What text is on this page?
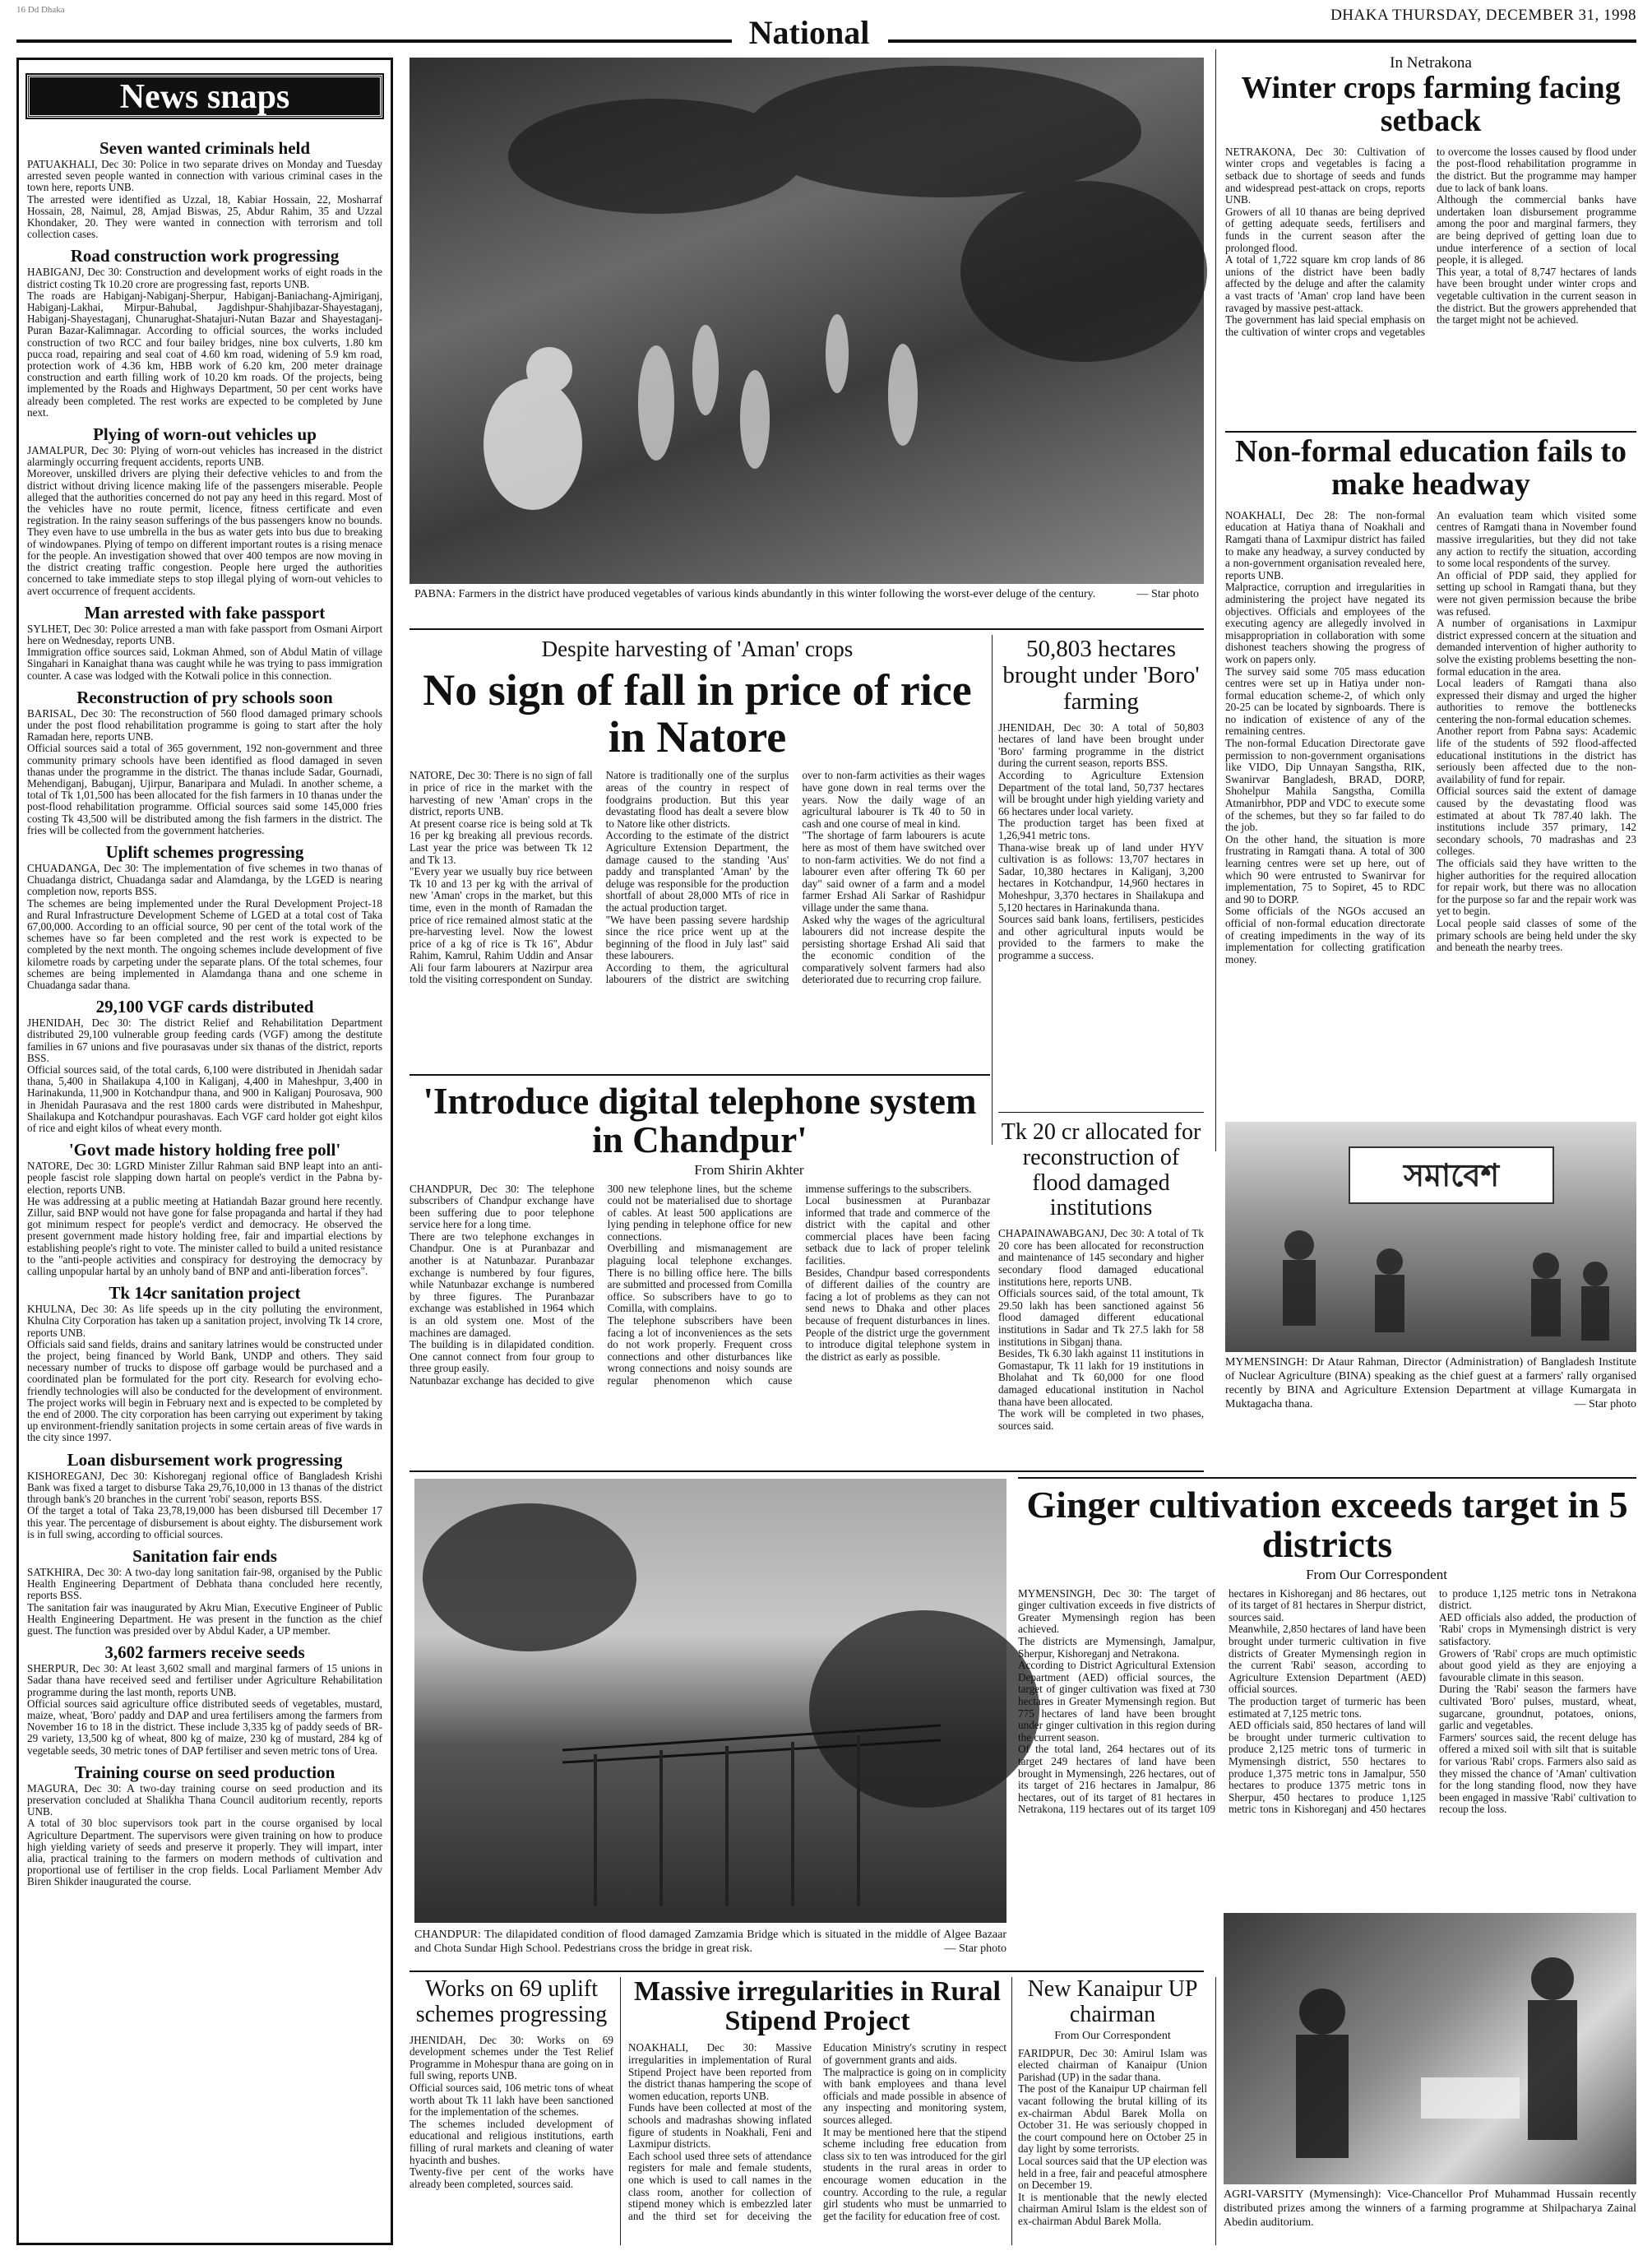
16 Dd Dhaka
National	DHAKA THURSDAY, DECEMBER 31, 1998
News snaps
Seven wanted criminals held

PATUAKHALI, Dec 30: Police in two separate drives on Monday and Tuesday arrested seven people wanted in connection with various criminal cases in the town here, reports UNB.
The arrested were identified as Uzzal, 18, Kabiar Hossain, 22, Mosharraf Hossain, 28, Naimul, 28, Amjad Biswas, 25, Abdur Rahim, 35 and Uzzal Khondaker, 20. They were wanted in connection with terrorism and toll collection cases.

Road construction work progressing

HABIGANJ, Dec 30: Construction and development works of eight roads in the district costing Tk 10.20 crore are progressing fast, reports UNB.
The roads are Habiganj-Nabiganj-Sherpur, Habiganj-Baniachang-Ajmiriganj, Habiganj-Lakhai, Mirpur-Bahubal, Jagdishpur-Shahjibazar-Shayestaganj, Habiganj-Shayestaganj, Chunarughat-Shatajuri-Nutan Bazar and Shayestaganj-Puran Bazar-Kalimnagar. According to official sources, the works included construction of two RCC and four bailey bridges, nine box culverts, 1.80 km pucca road, repairing and seal coat of 4.60 km road, widening of 5.9 km road, protection work of 4.36 km, HBB work of 6.20 km, 200 meter drainage construction and earth filling work of 10.20 km roads. Of the projects, being implemented by the Roads and Highways Department, 50 per cent works have already been completed. The rest works are expected to be completed by June next.

Plying of worn-out vehicles up

JAMALPUR, Dec 30: Plying of worn-out vehicles has increased in the district alarmingly occurring frequent accidents, reports UNB.
Moreover, unskilled drivers are plying their defective vehicles to and from the district without driving licence making life of the passengers miserable. People alleged that the authorities concerned do not pay any heed in this regard. Most of the vehicles have no route permit, licence, fitness certificate and even registration. In the rainy season sufferings of the bus passengers know no bounds. They even have to use umbrella in the bus as water gets into bus due to breaking of windowpanes. Plying of tempo on different important routes is a rising menace for the people. An investigation showed that over 400 tempos are now moving in the district creating traffic congestion. People here urged the authorities concerned to take immediate steps to stop illegal plying of worn-out vehicles to avert occurrence of frequent accidents.

Man arrested with fake passport

SYLHET, Dec 30: Police arrested a man with fake passport from Osmani Airport here on Wednesday, reports UNB.
Immigration office sources said, Lokman Ahmed, son of Abdul Matin of village Singahari in Kanaighat thana was caught while he was trying to pass immigration counter. A case was lodged with the Kotwali police in this connection.

Reconstruction of pry schools soon

BARISAL, Dec 30: The reconstruction of 560 flood damaged primary schools under the post flood rehabilitation programme is going to start after the holy Ramadan here, reports UNB.
Official sources said a total of 365 government, 192 non-government and three community primary schools have been identified as flood damaged in seven thanas under the programme in the district. The thanas include Sadar, Gournadi, Mehendiganj, Babuganj, Ujirpur, Banaripara and Muladi. In another scheme, a total of Tk 1,01,500 has been allocated for the fish farmers in 10 thanas under the post-flood rehabilitation programme. Official sources said some 145,000 fries costing Tk 43,500 will be distributed among the fish farmers in the district. The fries will be collected from the government hatcheries.

Uplift schemes progressing

CHUADANGA, Dec 30: The implementation of five schemes in two thanas of Chuadanga district, Chuadanga sadar and Alamdanga, by the LGED is nearing completion now, reports BSS.
The schemes are being implemented under the Rural Development Project-18 and Rural Infrastructure Development Scheme of LGED at a total cost of Taka 67,00,000. According to an official source, 90 per cent of the total work of the schemes have so far been completed and the rest work is expected to be completed by the next month. The ongoing schemes include development of five kilometre roads by carpeting under the separate plans. Of the total schemes, four schemes are being implemented in Alamdanga thana and one scheme in Chuadanga sadar thana.

29,100 VGF cards distributed

JHENIDAH, Dec 30: The district Relief and Rehabilitation Department distributed 29,100 vulnerable group feeding cards (VGF) among the destitute families in 67 unions and five pourasavas under six thanas of the district, reports BSS.
Official sources said, of the total cards, 6,100 were distributed in Jhenidah sadar thana, 5,400 in Shailakupa 4,100 in Kaliganj, 4,400 in Maheshpur, 3,400 in Harinakunda, 11,900 in Kotchandpur thana, and 900 in Kaliganj Pourosava, 900 in Jhenidah Paurasava and the rest 1800 cards were distributed in Maheshpur, Shailakupa and Kotchandpur pourashavas. Each VGF card holder got eight kilos of rice and eight kilos of wheat every month.

'Govt made history holding free poll'

NATORE, Dec 30: LGRD Minister Zillur Rahman said BNP leapt into an anti-people fascist role slapping down hartal on people's verdict in the Pabna by-election, reports UNB.
He was addressing at a public meeting at Hatiandah Bazar ground here recently. Zillur, said BNP would not have gone for false propaganda and hartal if they had got minimum respect for people's verdict and democracy. He observed the present government made history holding free, fair and impartial elections by establishing people's right to vote. The minister called to build a united resistance to the "anti-people activities and conspiracy for destroying the democracy by calling unpopular hartal by an unholy band of BNP and anti-liberation forces".

Tk 14cr sanitation project

KHULNA, Dec 30: As life speeds up in the city polluting the environment, Khulna City Corporation has taken up a sanitation project, involving Tk 14 crore, reports UNB.
Officials said sand fields, drains and sanitary latrines would be constructed under the project, being financed by World Bank, UNDP and others. They said necessary number of trucks to dispose off garbage would be purchased and a coordinated plan be formulated for the port city. Research for evolving echo-friendly technologies will also be conducted for the development of environment. The project works will begin in February next and is expected to be completed by the end of 2000. The city corporation has been carrying out experiment by taking up environment-friendly sanitation projects in some certain areas of five wards in the city since 1997.

Loan disbursement work progressing

KISHOREGANJ, Dec 30: Kishoreganj regional office of Bangladesh Krishi Bank was fixed a target to disburse Taka 29,76,10,000 in 13 thanas of the district through bank's 20 branches in the current 'robi' season, reports BSS.
Of the target a total of Taka 23,78,19,000 has been disbursed till December 17 this year. The percentage of disbursement is about eighty. The disbursement work is in full swing, according to official sources.

Sanitation fair ends

SATKHIRA, Dec 30: A two-day long sanitation fair-98, organised by the Public Health Engineering Department of Debhata thana concluded here recently, reports BSS.
The sanitation fair was inaugurated by Akru Mian, Executive Engineer of Public Health Engineering Department. He was present in the function as the chief guest. The function was presided over by Abdul Kader, a UP member.

3,602 farmers receive seeds

SHERPUR, Dec 30: At least 3,602 small and marginal farmers of 15 unions in Sadar thana have received seed and fertiliser under Agriculture Rehabilitation programme during the last month, reports UNB.
Official sources said agriculture office distributed seeds of vegetables, mustard, maize, wheat, 'Boro' paddy and DAP and urea fertilisers among the farmers from November 16 to 18 in the district. These include 3,335 kg of paddy seeds of BR-29 variety, 13,500 kg of wheat, 800 kg of maize, 230 kg of mustard, 284 kg of vegetable seeds, 30 metric tones of DAP fertiliser and seven metric tons of Urea.

Training course on seed production

MAGURA, Dec 30: A two-day training course on seed production and its preservation concluded at Shalikha Thana Council auditorium recently, reports UNB.
A total of 30 bloc supervisors took part in the course organised by local Agriculture Department. The supervisors were given training on how to produce high yielding variety of seeds and preserve it properly. They will impart, inter alia, practical training to the farmers on modern methods of cultivation and proportional use of fertiliser in the crop fields. Local Parliament Member Adv Biren Shikder inaugurated the course.

PABNA: Farmers in the district have produced vegetables of various kinds abundantly in this winter following the worst-ever deluge of the century.	— Star photo

Despite harvesting of 'Aman' crops

No sign of fall in price of rice in Natore

NATORE, Dec 30: There is no sign of fall in price of rice in the market with the harvesting of new 'Aman' crops in the district, reports UNB.
At present coarse rice is being sold at Tk 16 per kg breaking all previous records. Last year the price was between Tk 12 and Tk 13.
"Every year we usually buy rice between Tk 10 and 13 per kg with the arrival of new 'Aman' crops in the market, but this time, even in the month of Ramadan the price of rice remained almost static at the pre-harvesting level. Now the lowest price of a kg of rice is Tk 16", Abdur Rahim, Kamrul, Rahim Uddin and Ansar Ali four farm labourers at Nazirpur area told the visiting correspondent on Sunday.
Natore is traditionally one of the surplus areas of the country in respect of foodgrains production. But this year devastating flood has dealt a severe blow to Natore like other districts.
According to the estimate of the district Agriculture Extension Department, the damage caused to the standing 'Aus' paddy and transplanted 'Aman' by the deluge was responsible for the production shortfall of about 28,000 MTs of rice in the actual production target.
"We have been passing severe hardship since the rice price went up at the beginning of the flood in July last" said these labourers.
According to them, the agricultural labourers of the district are switching over to non-farm activities as their wages have gone down in real terms over the years. Now the daily wage of an agricultural labourer is Tk 40 to 50 in cash and one course of meal in kind.
"The shortage of farm labourers is acute here as most of them have switched over to non-farm activities. We do not find a labourer even after offering Tk 60 per day" said owner of a farm and a model farmer Ershad Ali Sarkar of Rashidpur village under the same thana.
Asked why the wages of the agricultural labourers did not increase despite the persisting shortage Ershad Ali said that the economic condition of the comparatively solvent farmers had also deteriorated due to recurring crop failure.

50,803 hectares brought under 'Boro' farming

JHENIDAH, Dec 30: A total of 50,803 hectares of land have been brought under 'Boro' farming programme in the district during the current season, reports BSS.
According to Agriculture Extension Department of the total land, 50,737 hectares will be brought under high yielding variety and 66 hectares under local variety.
The production target has been fixed at 1,26,941 metric tons.
Thana-wise break up of land under HYV cultivation is as follows: 13,707 hectares in Sadar, 10,380 hectares in Kaliganj, 3,200 hectares in Kotchandpur, 14,960 hectares in Moheshpur, 3,370 hectares in Shailakupa and 5,120 hectares in Harinakunda thana.
Sources said bank loans, fertilisers, pesticides and other agricultural inputs would be provided to the farmers to make the programme a success.

Tk 20 cr allocated for reconstruction of flood damaged institutions

CHAPAINAWABGANJ, Dec 30: A total of Tk 20 core has been allocated for reconstruction and maintenance of 145 secondary and higher secondary flood damaged educational institutions here, reports UNB.
Officials sources said, of the total amount, Tk 29.50 lakh has been sanctioned against 56 flood damaged different educational institutions in Sadar and Tk 27.5 lakh for 58 institutions in Sibganj thana.
Besides, Tk 6.30 lakh against 11 institutions in Gomastapur, Tk 11 lakh for 19 institutions in Bholahat and Tk 60,000 for one flood damaged educational institution in Nachol thana have been allocated.
The work will be completed in two phases, sources said.

'Introduce digital telephone system in Chandpur'

From Shirin Akhter

CHANDPUR, Dec 30: The telephone subscribers of Chandpur exchange have been suffering due to poor telephone service here for a long time.
There are two telephone exchanges in Chandpur. One is at Puranbazar and another is at Natunbazar. Puranbazar exchange is numbered by four figures, while Natunbazar exchange is numbered by three figures. The Puranbazar exchange was established in 1964 which is an old system one. Most of the machines are damaged.
The building is in dilapidated condition. One cannot connect from four group to three group easily.
Natunbazar exchange has decided to give 300 new telephone lines, but the scheme could not be materialised due to shortage of cables. At least 500 applications are lying pending in telephone office for new connections.
Overbilling and mismanagement are plaguing local telephone exchanges. There is no billing office here. The bills are submitted and processed from Comilla office. So subscribers have to go to Comilla, with complains.
The telephone subscribers have been facing a lot of inconveniences as the sets do not work properly. Frequent cross connections and other disturbances like wrong connections and noisy sounds are regular phenomenon which cause immense sufferings to the subscribers.
Local businessmen at Puranbazar informed that trade and commerce of the district with the capital and other commercial places have been facing setback due to lack of proper telelink facilities.
Besides, Chandpur based correspondents of different dailies of the country are facing a lot of problems as they can not send news to Dhaka and other places because of frequent disturbances in lines. People of the district urge the government to introduce digital telephone system in the district as early as possible.

CHANDPUR: The dilapidated condition of flood damaged Zamzamia Bridge which is situated in the middle of Algee Bazaar and Chota Sundar High School. Pedestrians cross the bridge in great risk.	— Star photo

Works on 69 uplift schemes progressing

JHENIDAH, Dec 30: Works on 69 development schemes under the Test Relief Programme in Mohespur thana are going on in full swing, reports UNB.
Official sources said, 106 metric tons of wheat worth about Tk 11 lakh have been sanctioned for the implementation of the schemes.
The schemes included development of educational and religious institutions, earth filling of rural markets and cleaning of water hyacinth and bushes.
Twenty-five per cent of the works have already been completed, sources said.

Massive irregularities in Rural Stipend Project

NOAKHALI, Dec 30: Massive irregularities in implementation of Rural Stipend Project have been reported from the district thanas hampering the scope of women education, reports UNB.
Funds have been collected at most of the schools and madrashas showing inflated figure of students in Noakhali, Feni and Laxmipur districts.
Each school used three sets of attendance registers for male and female students, one which is used to call names in the class room, another for collection of stipend money which is embezzled later and the third set for deceiving the Education Ministry's scrutiny in respect of government grants and aids.
The malpractice is going on in complicity with bank employees and thana level officials and made possible in absence of any inspecting and monitoring system, sources alleged.
It may be mentioned here that the stipend scheme including free education from class six to ten was introduced for the girl students in the rural areas in order to encourage women education in the country. According to the rule, a regular girl students who must be unmarried to get the facility for education free of cost.

New Kanaipur UP chairman

From Our Correspondent

FARIDPUR, Dec 30: Amirul Islam was elected chairman of Kanaipur (Union Parishad (UP) in the sadar thana.
The post of the Kanaipur UP chairman fell vacant following the brutal killing of its ex-chairman Abdul Barek Molla on October 31. He was seriously chopped in the court compound here on October 25 in day light by some terrorists.
Local sources said that the UP election was held in a free, fair and peaceful atmosphere on December 19.
It is mentionable that the newly elected chairman Amirul Islam is the eldest son of ex-chairman Abdul Barek Molla.

In Netrakona

Winter crops farming facing setback

NETRAKONA, Dec 30: Cultivation of winter crops and vegetables is facing a setback due to shortage of seeds and funds and widespread pest-attack on crops, reports UNB.
Growers of all 10 thanas are being deprived of getting adequate seeds, fertilisers and funds in the current season after the prolonged flood.
A total of 1,722 square km crop lands of 86 unions of the district have been badly affected by the deluge and after the calamity a vast tracts of 'Aman' crop land have been ravaged by massive pest-attack.
The government has laid special emphasis on the cultivation of winter crops and vegetables to overcome the losses caused by flood under the post-flood rehabilitation programme in the district. But the programme may hamper due to lack of bank loans.
Although the commercial banks have undertaken loan disbursement programme among the poor and marginal farmers, they are being deprived of getting loan due to undue interference of a section of local people, it is alleged.
This year, a total of 8,747 hectares of lands have been brought under winter crops and vegetable cultivation in the current season in the district. But the growers apprehended that the target might not be achieved.

Non-formal education fails to make headway

NOAKHALI, Dec 28: The non-formal education at Hatiya thana of Noakhali and Ramgati thana of Laxmipur district has failed to make any headway, a survey conducted by a non-government organisation revealed here, reports UNB.
Malpractice, corruption and irregularities in administering the project have negated its objectives. Officials and employees of the executing agency are allegedly involved in misappropriation in collaboration with some dishonest teachers showing the progress of work on papers only.
The survey said some 705 mass education centres were set up in Hatiya under non-formal education scheme-2, of which only 20-25 can be located by signboards. There is no indication of existence of any of the remaining centres.
The non-formal Education Directorate gave permission to non-government organisations like VIDO, Dip Unnayan Sangstha, RIK, Swanirvar Bangladesh, BRAD, DORP, Shohelpur Mahila Sangstha, Comilla Atmanirbhor, PDP and VDC to execute some of the schemes, but they so far failed to do the job.
On the other hand, the situation is more frustrating in Ramgati thana. A total of 300 learning centres were set up here, out of which 90 were entrusted to Swanirvar for implementation, 75 to Sopiret, 45 to RDC and 90 to DORP.
Some officials of the NGOs accused an official of non-formal education directorate of creating impediments in the way of its implementation for collecting gratification money.
An evaluation team which visited some centres of Ramgati thana in November found massive irregularities, but they did not take any action to rectify the situation, according to some local respondents of the survey.
An official of PDP said, they applied for setting up school in Ramgati thana, but they were not given permission because the bribe was refused.
A number of organisations in Laxmipur district expressed concern at the situation and demanded intervention of higher authority to solve the existing problems besetting the non-formal education in the area.
Local leaders of Ramgati thana also expressed their dismay and urged the higher authorities to remove the bottlenecks centering the non-formal education schemes.
Another report from Pabna says: Academic life of the students of 592 flood-affected educational institutions in the district has seriously been affected due to the non-availability of fund for repair.
Official sources said the extent of damage caused by the devastating flood was estimated at about Tk 787.40 lakh. The institutions include 357 primary, 142 secondary schools, 70 madrashas and 23 colleges.
The officials said they have written to the higher authorities for the required allocation for repair work, but there was no allocation for the purpose so far and the repair work was yet to begin.
Local people said classes of some of the primary schools are being held under the sky and beneath the nearby trees.
সমাবেশ

MYMENSINGH: Dr Ataur Rahman, Director (Administration) of Bangladesh Institute of Nuclear Agriculture (BINA) speaking as the chief guest at a farmers' rally organised recently by BINA and Agriculture Extension Department at village Kumargata in Muktagacha thana.	— Star photo

Ginger cultivation exceeds target in 5 districts

From Our Correspondent

MYMENSINGH, Dec 30: The target of ginger cultivation exceeds in five districts of Greater Mymensingh region has been achieved.
The districts are Mymensingh, Jamalpur, Sherpur, Kishoreganj and Netrakona.
According to District Agricultural Extension Department (AED) official sources, the target of ginger cultivation was fixed at 730 hectares in Greater Mymensingh region. But 775 hectares of land have been brought under ginger cultivation in this region during the current season.
Of the total land, 264 hectares out of its target 249 hectares of land have been brought in Mymensingh, 226 hectares, out of its target of 216 hectares in Jamalpur, 86 hectares, out of its target of 81 hectares in Netrakona, 119 hectares out of its target 109 hectares in Kishoreganj and 86 hectares, out of its target of 81 hectares in Sherpur district, sources said.
Meanwhile, 2,850 hectares of land have been brought under turmeric cultivation in five districts of Greater Mymensingh region in the current 'Rabi' season, according to Agriculture Extension Department (AED) official sources.
The production target of turmeric has been estimated at 7,125 metric tons.
AED officials said, 850 hectares of land will be brought under turmeric cultivation to produce 2,125 metric tons of turmeric in Mymensingh district, 550 hectares to produce 1,375 metric tons in Jamalpur, 550 hectares to produce 1375 metric tons in Sherpur, 450 hectares to produce 1,125 metric tons in Kishoreganj and 450 hectares to produce 1,125 metric tons in Netrakona district.
AED officials also added, the production of 'Rabi' crops in Mymensingh district is very satisfactory.
Growers of 'Rabi' crops are much optimistic about good yield as they are enjoying a favourable climate in this season.
During the 'Rabi' season the farmers have cultivated 'Boro' pulses, mustard, wheat, sugarcane, groundnut, potatoes, onions, garlic and vegetables.
Farmers' sources said, the recent deluge has offered a mixed soil with silt that is suitable for various 'Rabi' crops. Farmers also said as they missed the chance of 'Aman' cultivation for the long standing flood, now they have been engaged in massive 'Rabi' cultivation to recoup the loss.

AGRI-VARSITY (Mymensingh): Vice-Chancellor Prof Muhammad Hussain recently distributed prizes among the winners of a farming programme at Shilpacharya Zainal Abedin auditorium.
